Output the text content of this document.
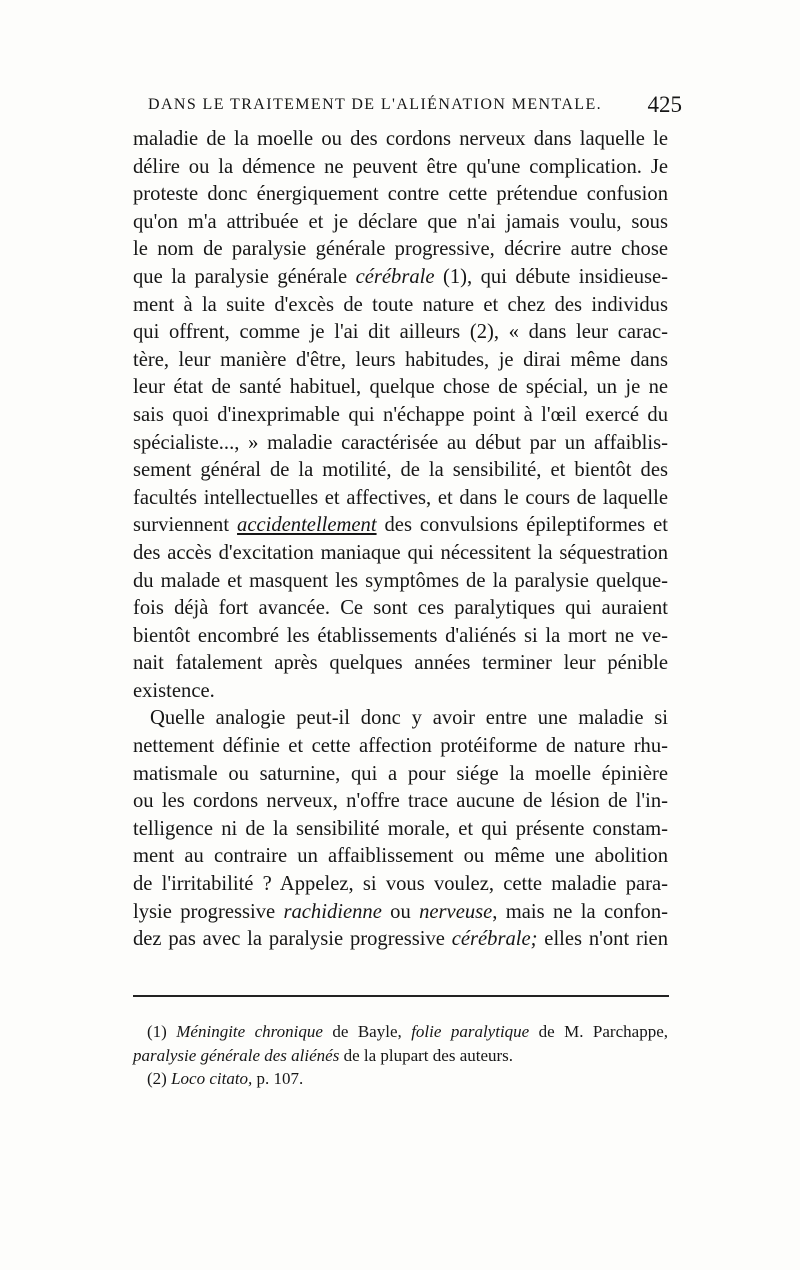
DANS LE TRAITEMENT DE L'ALIÉNATION MENTALE. 425
maladie de la moelle ou des cordons nerveux dans laquelle le
délire ou la démence ne peuvent être qu'une complication. Je
proteste donc énergiquement contre cette prétendue confusion
qu'on m'a attribuée et je déclare que n'ai jamais voulu, sous
le nom de paralysie générale progressive, décrire autre chose
que la paralysie générale cérébrale (1), qui débute insidieuse-
ment à la suite d'excès de toute nature et chez des individus
qui offrent, comme je l'ai dit ailleurs (2), « dans leur carac-
tère, leur manière d'être, leurs habitudes, je dirai même dans
leur état de santé habituel, quelque chose de spécial, un je ne
sais quoi d'inexprimable qui n'échappe point à l'œil exercé du
spécialiste..., » maladie caractérisée au début par un affaiblis-
sement général de la motilité, de la sensibilité, et bientôt des
facultés intellectuelles et affectives, et dans le cours de laquelle
surviennent accidentellement des convulsions épileptiformes et
des accès d'excitation maniaque qui nécessitent la séquestration
du malade et masquent les symptômes de la paralysie quelque-
fois déjà fort avancée. Ce sont ces paralytiques qui auraient
bientôt encombré les établissements d'aliénés si la mort ne ve-
nait fatalement après quelques années terminer leur pénible
existence.
Quelle analogie peut-il donc y avoir entre une maladie si
nettement définie et cette affection protéiforme de nature rhu-
matismale ou saturnine, qui a pour siége la moelle épinière
ou les cordons nerveux, n'offre trace aucune de lésion de l'in-
telligence ni de la sensibilité morale, et qui présente constam-
ment au contraire un affaiblissement ou même une abolition
de l'irritabilité ? Appelez, si vous voulez, cette maladie para-
lysie progressive rachidienne ou nerveuse, mais ne la confon-
dez pas avec la paralysie progressive cérébrale; elles n'ont rien
(1) Méningite chronique de Bayle, folie paralytique de M. Parchappe,
paralysie générale des aliénés de la plupart des auteurs.
(2) Loco citato, p. 107.
